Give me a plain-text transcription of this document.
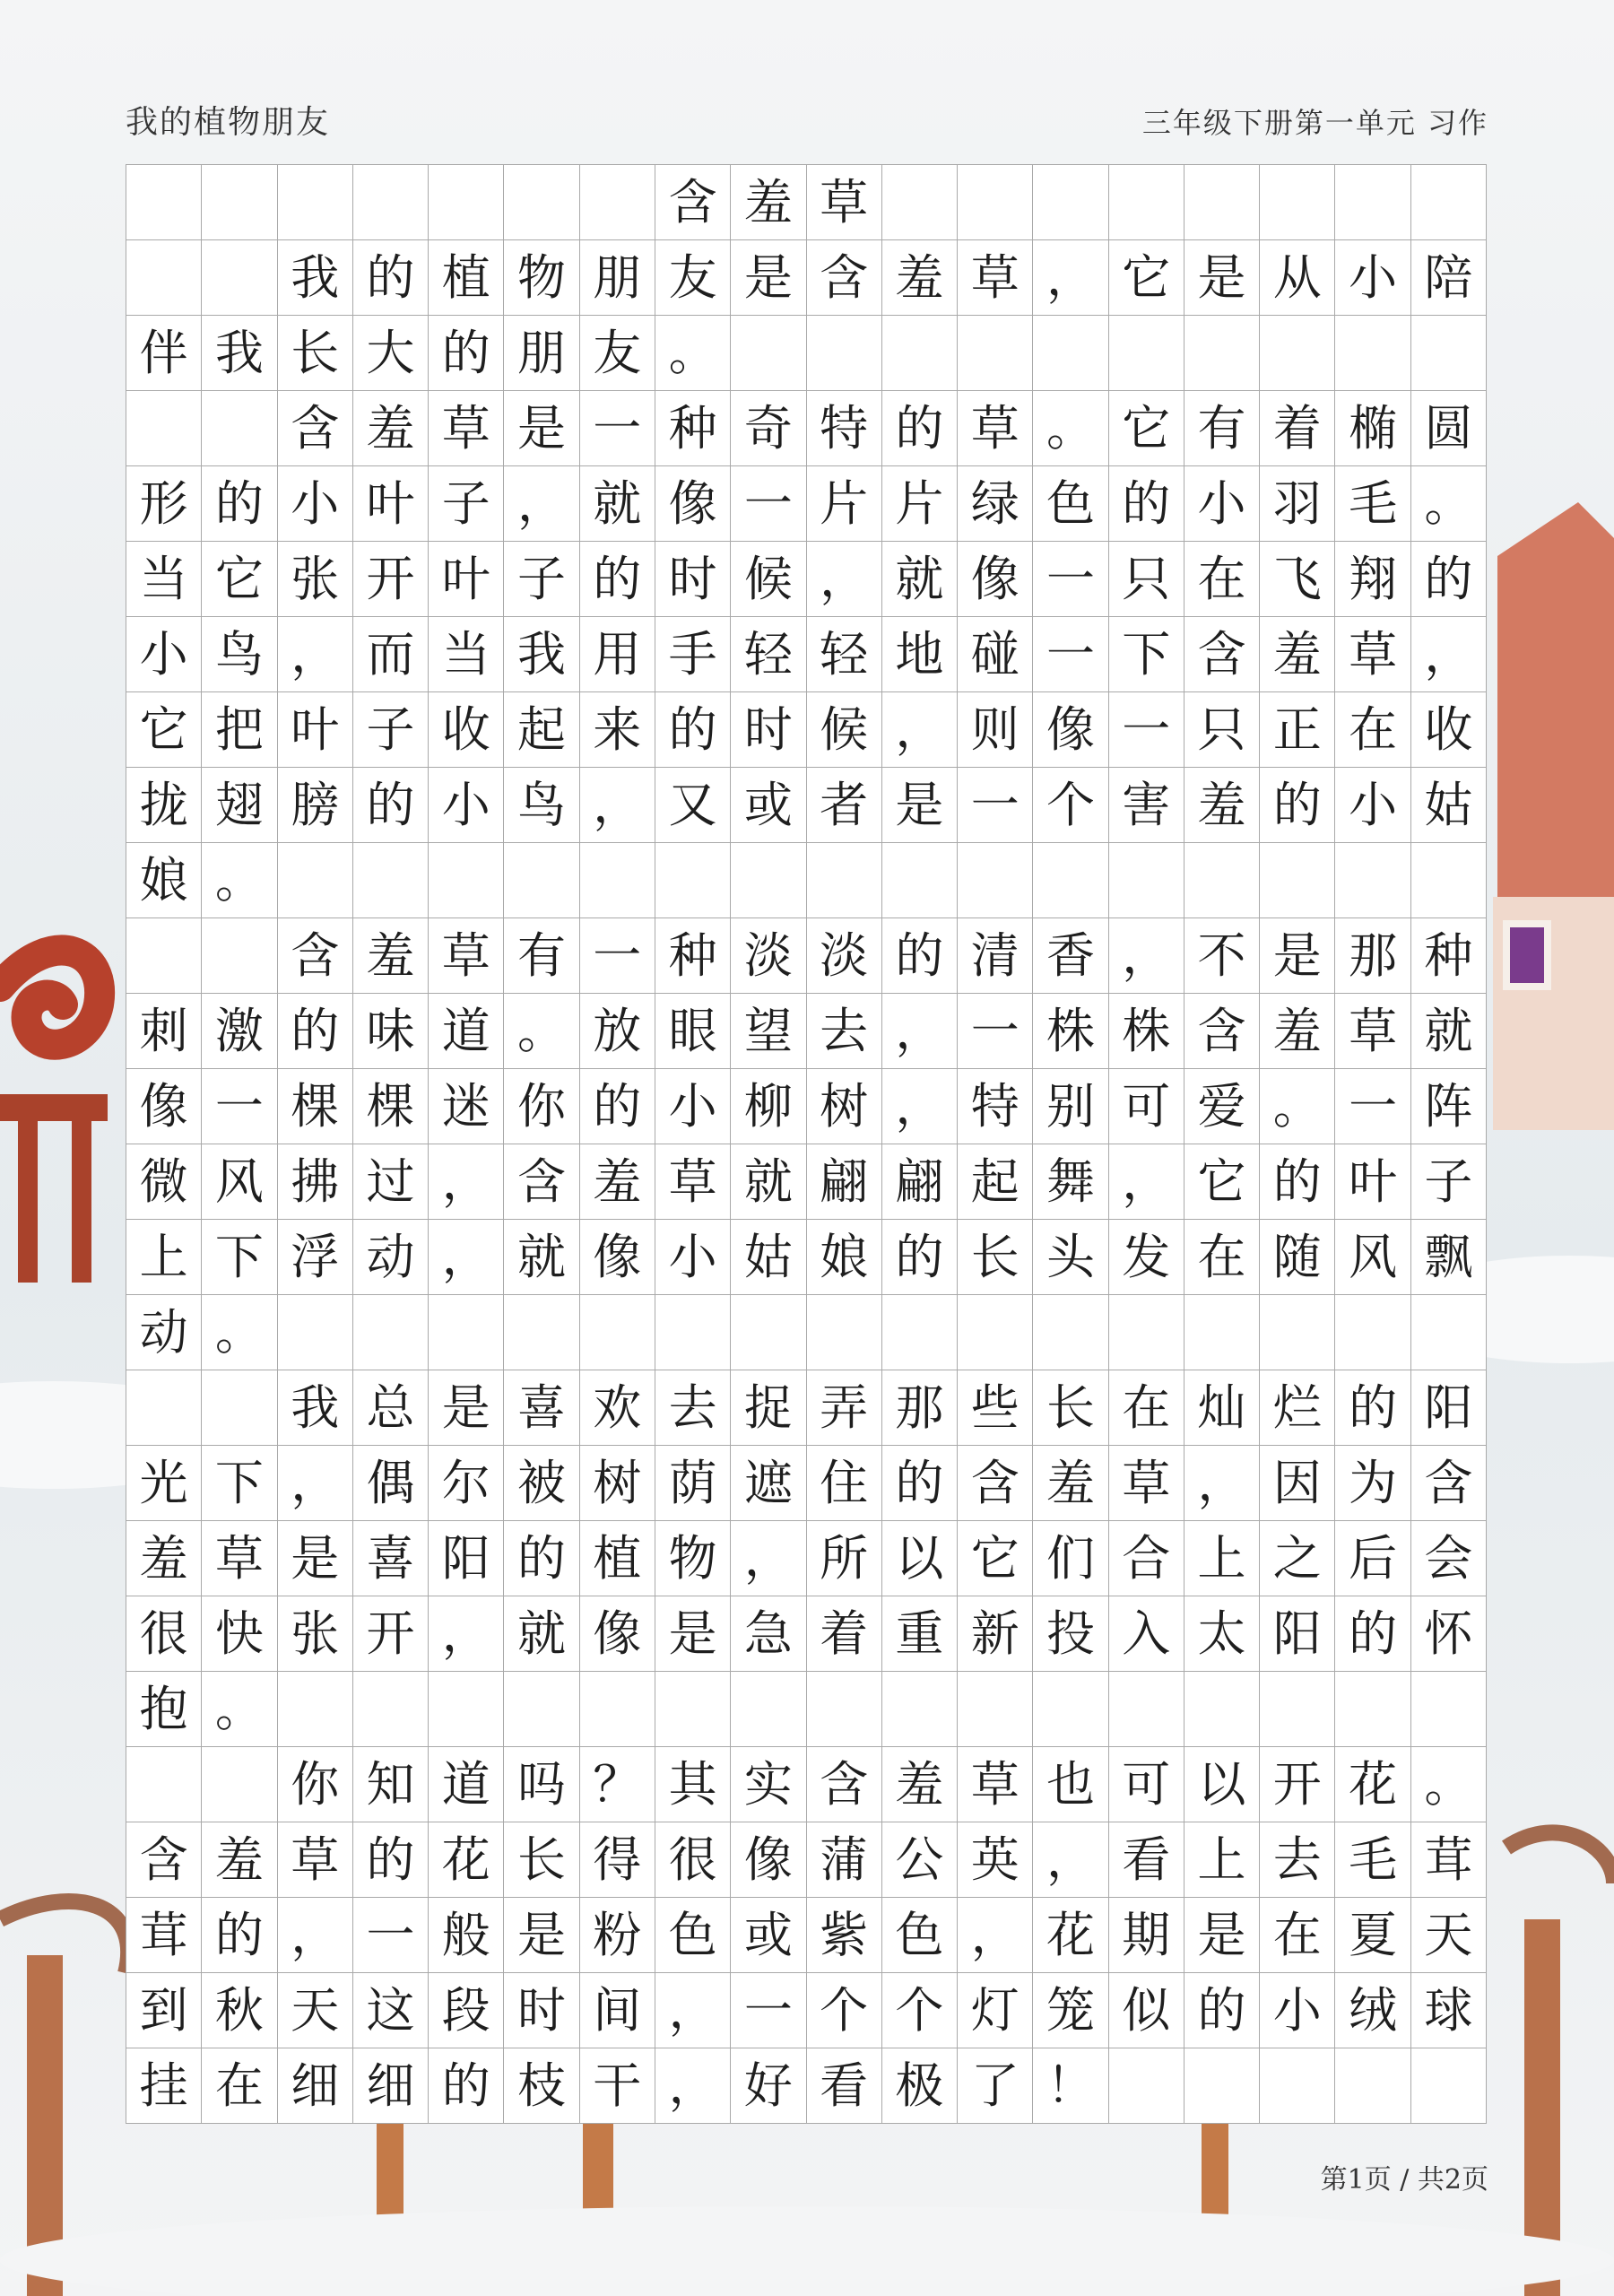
我的植物朋友	三年级下册第一单元 习作
含 羞 草
我 的 植 物 朋 友 是 含 羞 草 ， 它 是 从 小 陪
伴 我 长 大 的 朋 友 。
含 羞 草 是 一 种 奇 特 的 草 。 它 有 着 椭 圆
形 的 小 叶 子 ， 就 像 一 片 片 绿 色 的 小 羽 毛 。
当 它 张 开 叶 子 的 时 候 ， 就 像 一 只 在 飞 翔 的
小 鸟 ， 而 当 我 用 手 轻 轻 地 碰 一 下 含 羞 草 ，
它 把 叶 子 收 起 来 的 时 候 ， 则 像 一 只 正 在 收
拢 翅 膀 的 小 鸟 ， 又 或 者 是 一 个 害 羞 的 小 姑
娘 。
含 羞 草 有 一 种 淡 淡 的 清 香 ， 不 是 那 种
刺 激 的 味 道 。 放 眼 望 去 ， 一 株 株 含 羞 草 就
像 一 棵 棵 迷 你 的 小 柳 树 ， 特 别 可 爱 。 一 阵
微 风 拂 过 ， 含 羞 草 就 翩 翩 起 舞 ， 它 的 叶 子
上 下 浮 动 ， 就 像 小 姑 娘 的 长 头 发 在 随 风 飘
动 。
我 总 是 喜 欢 去 捉 弄 那 些 长 在 灿 烂 的 阳
光 下 ， 偶 尔 被 树 荫 遮 住 的 含 羞 草 ， 因 为 含
羞 草 是 喜 阳 的 植 物 ， 所 以 它 们 合 上 之 后 会
很 快 张 开 ， 就 像 是 急 着 重 新 投 入 太 阳 的 怀
抱 。
你 知 道 吗 ？ 其 实 含 羞 草 也 可 以 开 花 。
含 羞 草 的 花 长 得 很 像 蒲 公 英 ， 看 上 去 毛 茸
茸 的 ， 一 般 是 粉 色 或 紫 色 ， 花 期 是 在 夏 天
到 秋 天 这 段 时 间 ， 一 个 个 灯 笼 似 的 小 绒 球
挂 在 细 细 的 枝 干 ， 好 看 极 了 ！
第1页 / 共2页
